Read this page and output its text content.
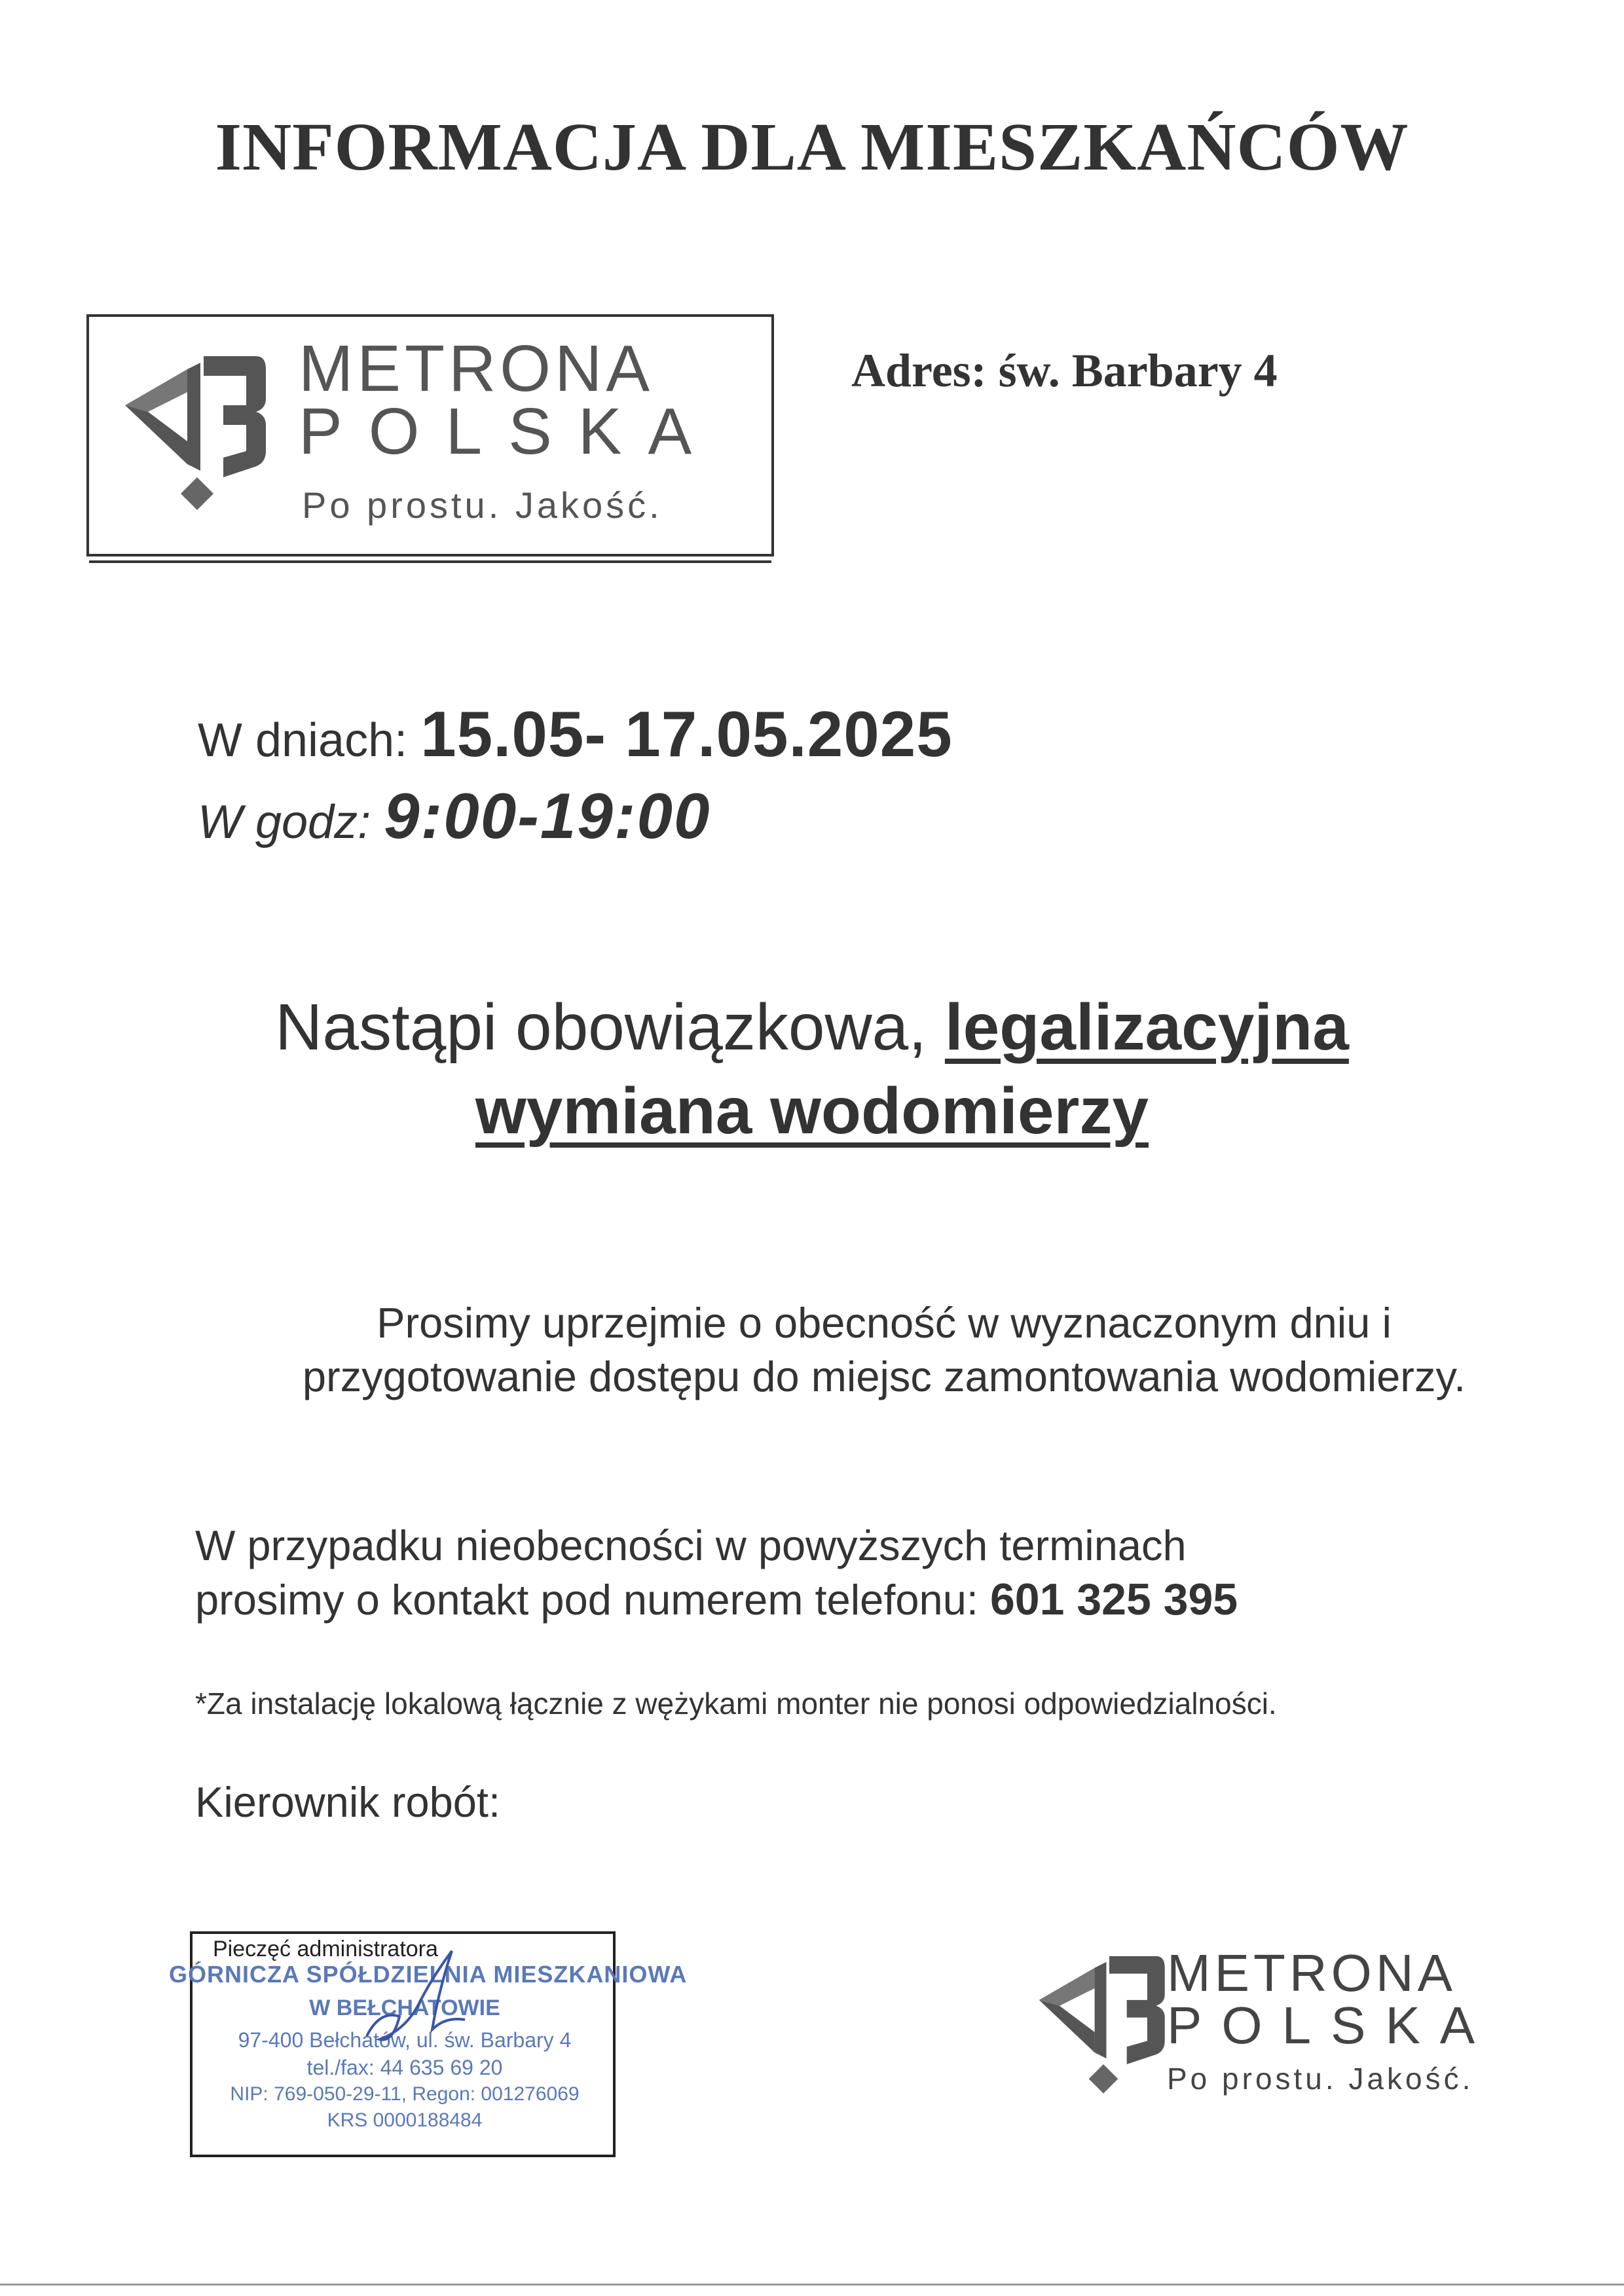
INFORMACJA DLA MIESZKAŃCÓW
METRONA
POLSKA
Po prostu. Jakość.
Adres: św. Barbary 4
W dniach: 15.05- 17.05.2025
W godz: 9:00-19:00
Nastąpi obowiązkowa, legalizacyjna
wymiana wodomierzy
Prosimy uprzejmie o obecność w wyznaczonym dniu i przygotowanie dostępu do miejsc zamontowania wodomierzy.
W przypadku nieobecności w powyższych terminach
prosimy o kontakt pod numerem telefonu: 601 325 395
*Za instalację lokalową łącznie z wężykami monter nie ponosi odpowiedzialności.
Kierownik robót:
Pieczęć administratora
GÓRNICZA SPÓŁDZIELNIA MIESZKANIOWA
W BEŁCHATOWIE
97-400 Bełchatów, ul. św. Barbary 4
tel./fax: 44 635 69 20
NIP: 769-050-29-11, Regon: 001276069
KRS 0000188484
METRONA
POLSKA
Po prostu. Jakość.
